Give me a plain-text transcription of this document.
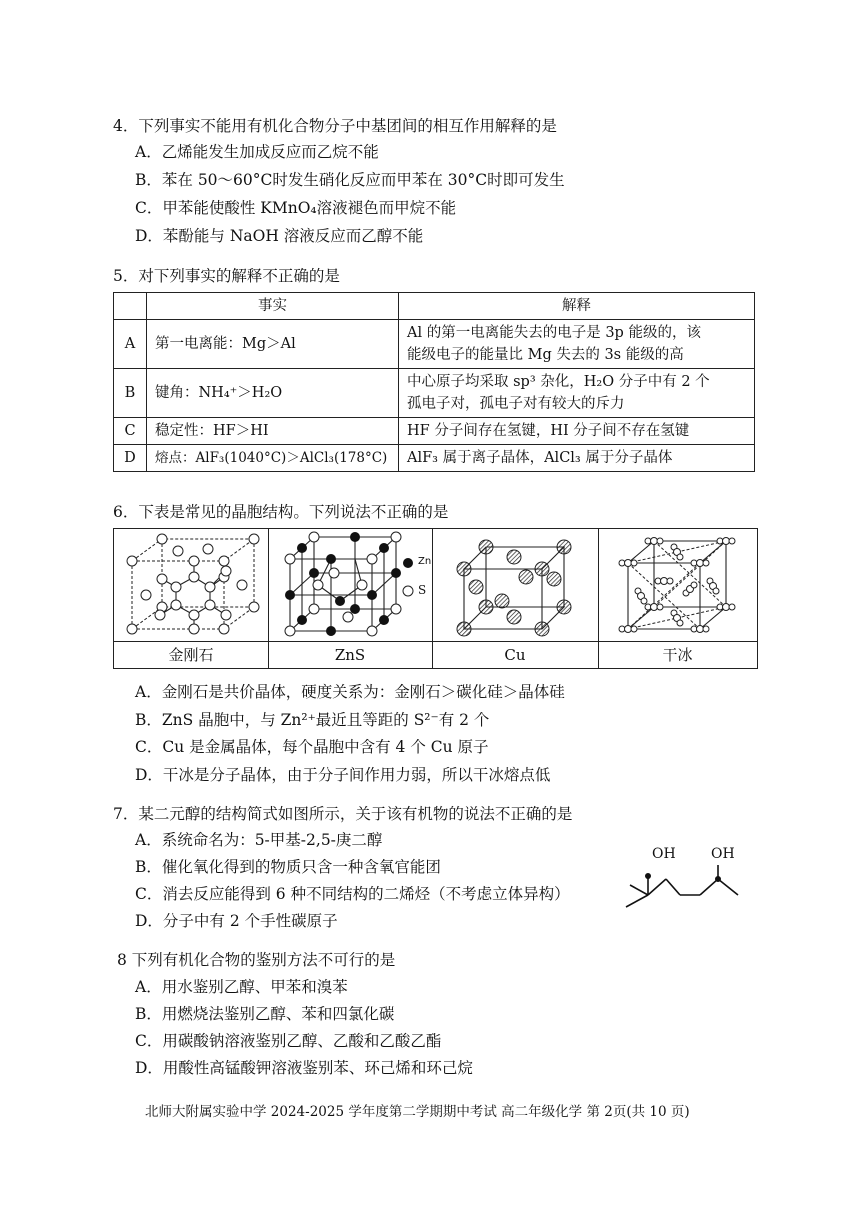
4．下列事实不能用有机化合物分子中基团间的相互作用解释的是
A．乙烯能发生加成反应而乙烷不能
B．苯在 50～60°C时发生硝化反应而甲苯在 30°C时即可发生
C．甲苯能使酸性 KMnO₄溶液褪色而甲烷不能
D．苯酚能与 NaOH 溶液反应而乙醇不能
5．对下列事实的解释不正确的是
	事实	解释
A	第一电离能：Mg＞Al	Al 的第一电离能失去的电子是 3p 能级的，该
能级电子的能量比 Mg 失去的 3s 能级的高

B	键角：NH₄⁺＞H₂O	中心原子均采取 sp³ 杂化，H₂O 分子中有 2 个
孤电子对，孤电子对有较大的斥力

C	稳定性：HF＞HI	HF 分子间存在氢键，HI 分子间不存在氢键
D	熔点：AlF₃(1040°C)＞AlCl₃(178°C)	AlF₃ 属于离子晶体，AlCl₃ 属于分子晶体
6．下表是常见的晶胞结构。下列说法不正确的是
金刚石
Zn
S
ZnS	Cu	干冰
A．金刚石是共价晶体，硬度关系为：金刚石＞碳化硅＞晶体硅
B．ZnS 晶胞中，与 Zn²⁺最近且等距的 S²⁻有 2 个
C．Cu 是金属晶体，每个晶胞中含有 4 个 Cu 原子
D．干冰是分子晶体，由于分子间作用力弱，所以干冰熔点低
7．某二元醇的结构简式如图所示，关于该有机物的说法不正确的是
A．系统命名为：5-甲基-2,5-庚二醇
B．催化氧化得到的物质只含一种含氧官能团
C．消去反应能得到 6 种不同结构的二烯烃（不考虑立体异构）
D．分子中有 2 个手性碳原子
OH	OH
8 下列有机化合物的鉴别方法不可行的是
A．用水鉴别乙醇、甲苯和溴苯
B．用燃烧法鉴别乙醇、苯和四氯化碳
C．用碳酸钠溶液鉴别乙醇、乙酸和乙酸乙酯
D．用酸性高锰酸钾溶液鉴别苯、环己烯和环己烷
北师大附属实验中学 2024-2025 学年度第二学期期中考试 高二年级化学 第 2页(共 10 页)
